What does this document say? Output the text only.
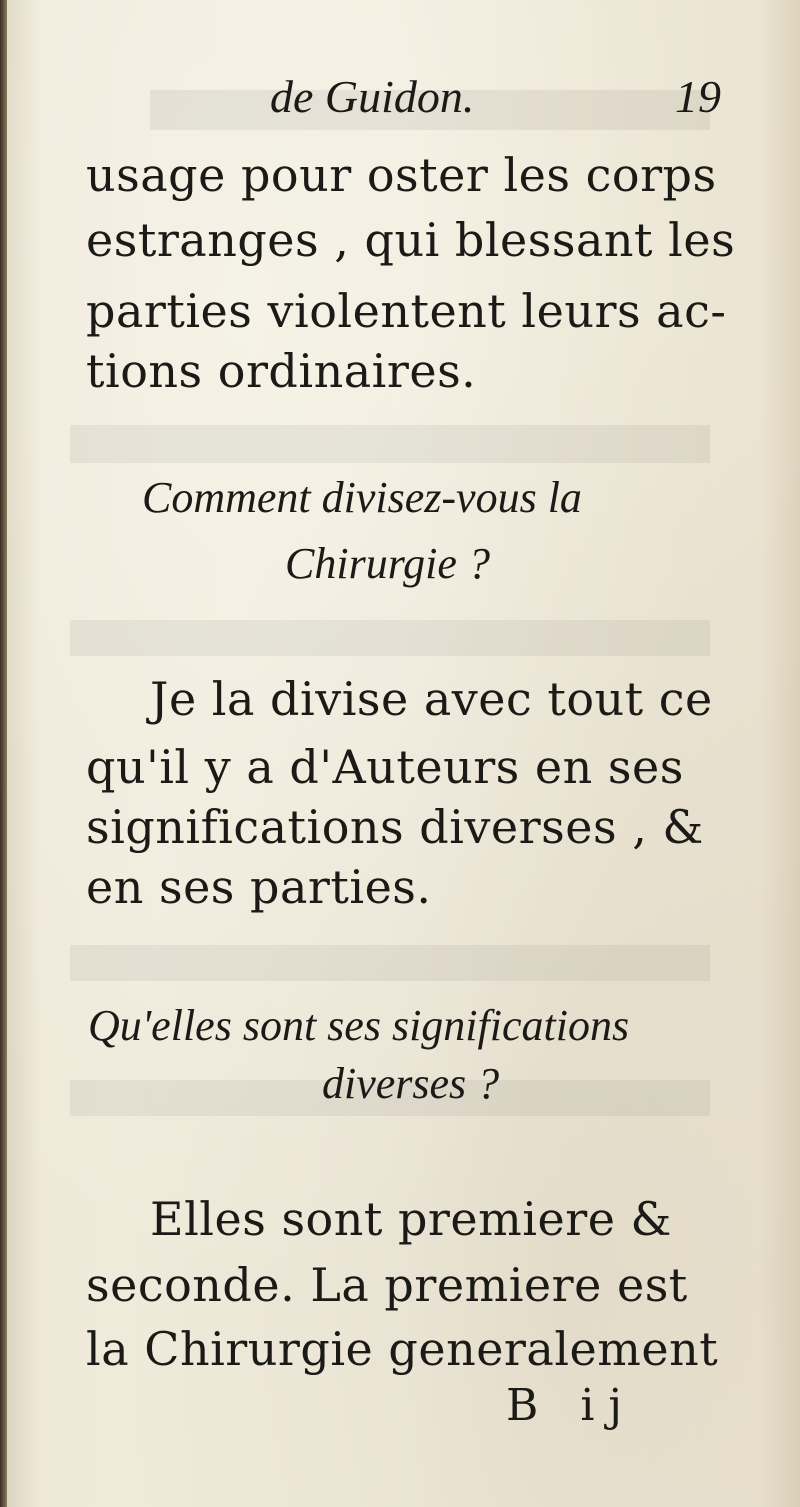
de Guidon.	19
usage pour oster les corps
estranges , qui blessant les
parties violentent leurs ac-
tions ordinaires.
Comment divisez-vous la
Chirurgie ?
Je la divise avec tout ce
qu'il y a d'Auteurs en ses
significations diverses , &
en ses parties.
Qu'elles sont ses significations
diverses ?
Elles sont premiere &
seconde. La premiere est
la Chirurgie generalement
B ij
